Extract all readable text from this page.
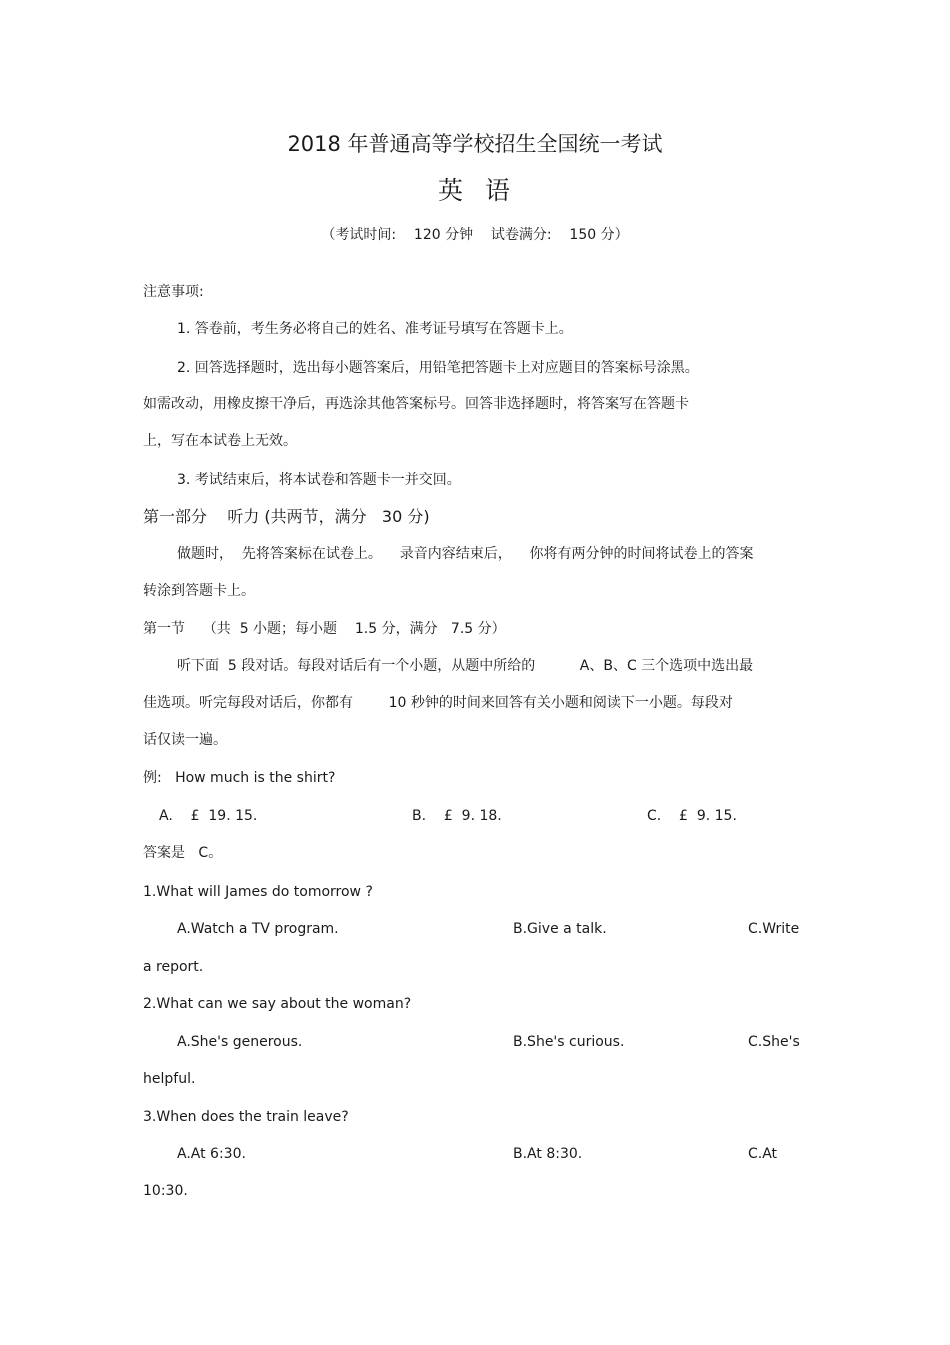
2018 年普通高等学校招生全国统一考试
英  语
（考试时间:    120 分钟    试卷满分:    150 分）
注意事项:
1. 答卷前，考生务必将自己的姓名、准考证号填写在答题卡上。
2. 回答选择题时，选出每小题答案后，用铅笔把答题卡上对应题目的答案标号涂黑。
如需改动，用橡皮擦干净后，再选涂其他答案标号。回答非选择题时，将答案写在答题卡
上，写在本试卷上无效。
3. 考试结束后，将本试卷和答题卡一并交回。
第一部分    听力 (共两节，满分   30 分)
做题时，  先将答案标在试卷上。    录音内容结束后，    你将有两分钟的时间将试卷上的答案
转涂到答题卡上。
第一节    （共  5 小题；每小题    1.5 分，满分   7.5 分）
听下面  5 段对话。每段对话后有一个小题，从题中所给的          A、B、C 三个选项中选出最
佳选项。听完每段对话后，你都有        10 秒钟的时间来回答有关小题和阅读下一小题。每段对
话仅读一遍。
例:   How much is the shirt?
A.    £  19. 15.	B.    £  9. 18.	C.    £  9. 15.
答案是   C。
1.What will James do tomorrow ?
A.Watch a TV program.	B.Give a talk.	C.Write
a report.
2.What can we say about the woman?
A.She's generous.	B.She's curious.	C.She's
helpful.
3.When does the train leave?
A.At 6:30.	B.At 8:30.	C.At
10:30.
